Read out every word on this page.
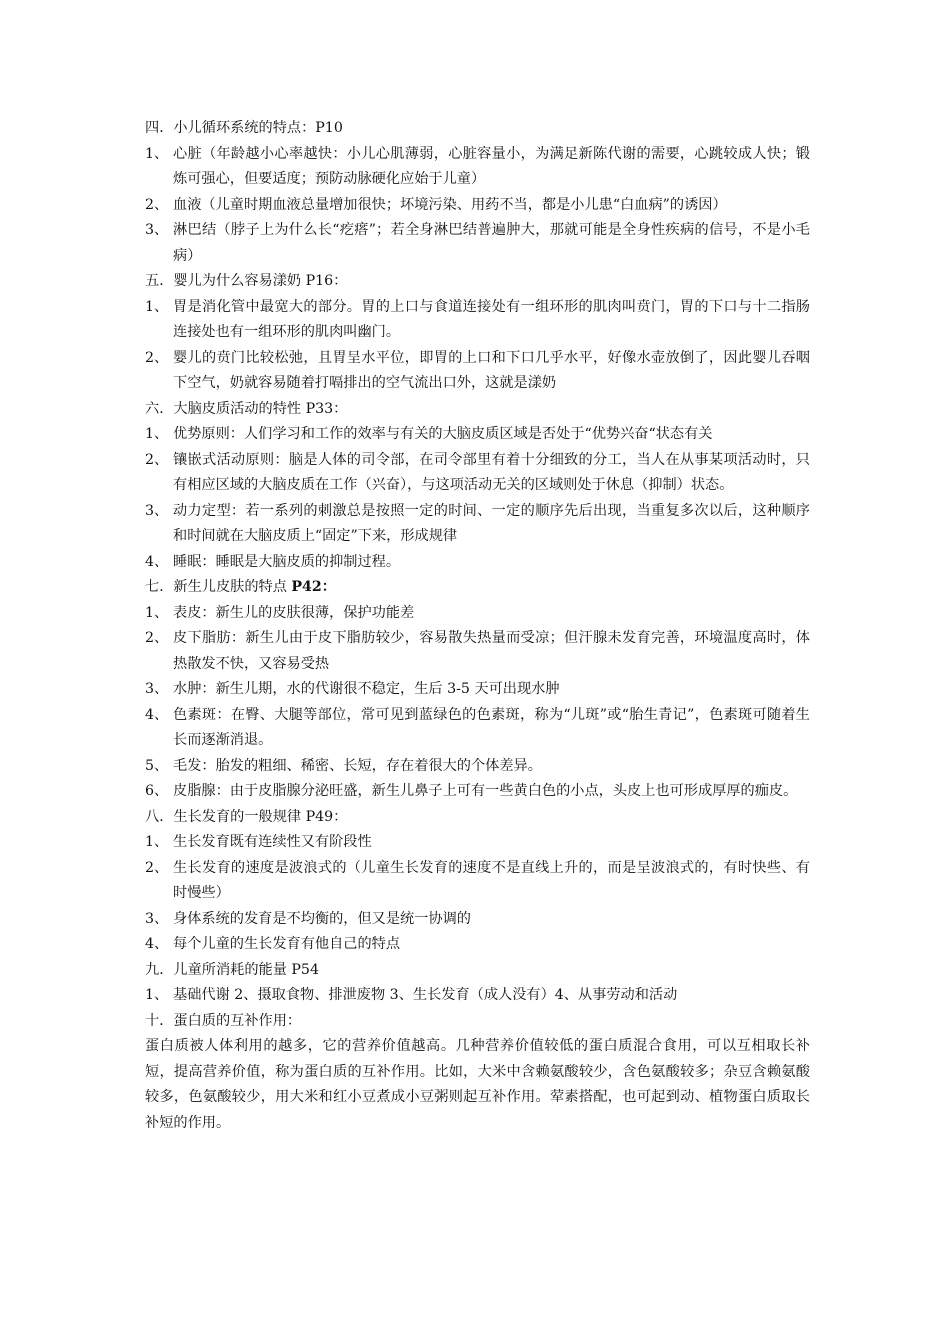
四．小儿循环系统的特点：P10

1、 心脏（年龄越小心率越快：小儿心肌薄弱，心脏容量小，为满足新陈代谢的需要，心跳较成人快；锻炼可强心，但要适度；预防动脉硬化应始于儿童）
2、 血液（儿童时期血液总量增加很快；坏境污染、用药不当，都是小儿患“白血病”的诱因）
3、 淋巴结（脖子上为什么长“疙瘩”；若全身淋巴结普遍肿大，那就可能是全身性疾病的信号，不是小毛病）

五．婴儿为什么容易漾奶 P16：

1、 胃是消化管中最宽大的部分。胃的上口与食道连接处有一组环形的肌肉叫贲门，胃的下口与十二指肠连接处也有一组环形的肌肉叫幽门。
2、 婴儿的贲门比较松弛，且胃呈水平位，即胃的上口和下口几乎水平，好像水壶放倒了，因此婴儿吞咽下空气，奶就容易随着打嗝排出的空气流出口外，这就是漾奶

六．大脑皮质活动的特性 P33：

1、 优势原则：人们学习和工作的效率与有关的大脑皮质区域是否处于“优势兴奋“状态有关
2、 镶嵌式活动原则：脑是人体的司令部，在司令部里有着十分细致的分工，当人在从事某项活动时，只有相应区域的大脑皮质在工作（兴奋），与这项活动无关的区域则处于休息（抑制）状态。
3、 动力定型：若一系列的刺激总是按照一定的时间、一定的顺序先后出现，当重复多次以后，这种顺序和时间就在大脑皮质上“固定”下来，形成规律
4、 睡眠：睡眠是大脑皮质的抑制过程。

七．新生儿皮肤的特点 P42：

1、 表皮：新生儿的皮肤很薄，保护功能差
2、 皮下脂肪：新生儿由于皮下脂肪较少，容易散失热量而受凉；但汗腺未发育完善，环境温度高时，体热散发不快，又容易受热
3、 水肿：新生儿期，水的代谢很不稳定，生后 3-5 天可出现水肿
4、 色素斑：在臀、大腿等部位，常可见到蓝绿色的色素斑，称为“儿斑”或“胎生青记”，色素斑可随着生长而逐渐消退。
5、 毛发：胎发的粗细、稀密、长短，存在着很大的个体差异。
6、 皮脂腺：由于皮脂腺分泌旺盛，新生儿鼻子上可有一些黄白色的小点，头皮上也可形成厚厚的痂皮。

八．生长发育的一般规律 P49：

1、 生长发育既有连续性又有阶段性
2、 生长发育的速度是波浪式的（儿童生长发育的速度不是直线上升的，而是呈波浪式的，有时快些、有时慢些）
3、 身体系统的发育是不均衡的，但又是统一协调的
4、 每个儿童的生长发育有他自己的特点

九．儿童所消耗的能量 P54

1、 基础代谢 2、摄取食物、排泄废物 3、生长发育（成人没有）4、从事劳动和活动

十．蛋白质的互补作用：

蛋白质被人体利用的越多，它的营养价值越高。几种营养价值较低的蛋白质混合食用，可以互相取长补短，提高营养价值，称为蛋白质的互补作用。比如，大米中含赖氨酸较少，含色氨酸较多；杂豆含赖氨酸较多，色氨酸较少，用大米和红小豆煮成小豆粥则起互补作用。荤素搭配，也可起到动、植物蛋白质取长补短的作用。
